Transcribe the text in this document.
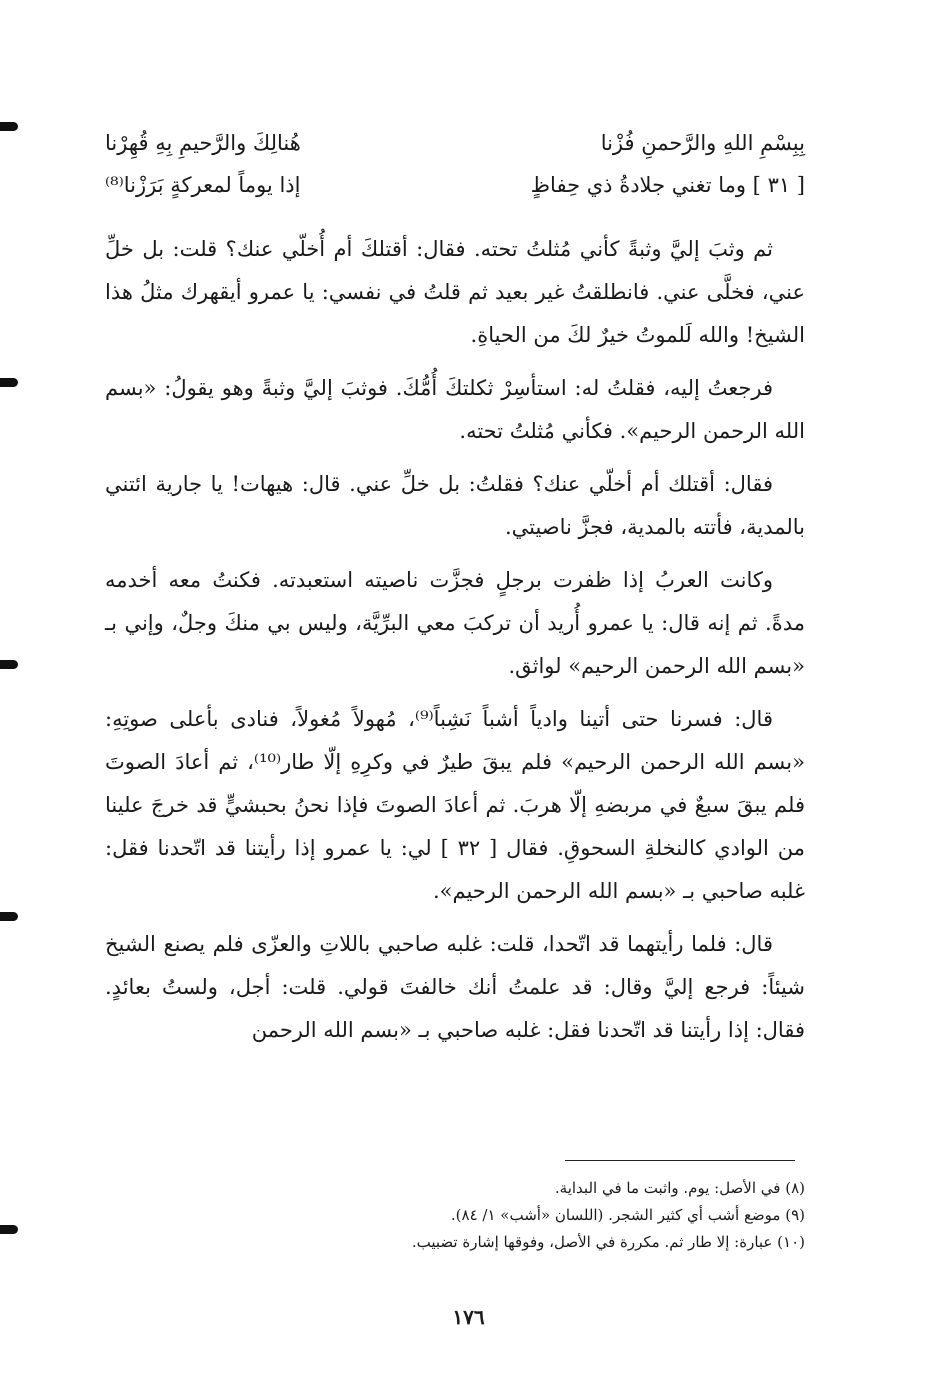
بِبِسْمِ اللهِ والرَّحمنِ فُزْنا
هُنالِكَ والرَّحيمِ بِهِ قُهِرْنا
[ ٣١ ] وما تغني جلادةُ ذي حِفاظٍ
إذا يوماً لمعركةٍ بَرَزْنا⁽⁸⁾

ثم وثبَ إليَّ وثبةً كأني مُثلتُ تحته. فقال: أقتلكَ أم أُخلّي عنك؟ قلت: بل خلِّ عني، فخلَّى عني. فانطلقتُ غير بعيد ثم قلتُ في نفسي: يا عمرو أيقهرك مثلُ هذا الشيخ! والله لَلموتُ خيرٌ لكَ من الحياةِ.

فرجعتُ إليه، فقلتُ له: استأسِرْ ثكلتكَ أُمُّكَ. فوثبَ إليَّ وثبةً وهو يقولُ: «بسم الله الرحمن الرحيم». فكأني مُثلتُ تحته.

فقال: أقتلك أم أخلّي عنك؟ فقلتُ: بل خلِّ عني. قال: هيهات! يا جارية ائتني بالمدية، فأتته بالمدية، فجزَّ ناصيتي.

وكانت العربُ إذا ظفرت برجلٍ فجزَّت ناصيته استعبدته. فكنتُ معه أخدمه مدةً. ثم إنه قال: يا عمرو أُريد أن تركبَ معي البرِّيَّة، وليس بي منكَ وجلٌ، وإني بـ «بسم الله الرحمن الرحيم» لواثق.

قال: فسرنا حتى أتينا وادياً أشباً نَشِباً⁽⁹⁾، مُهولاً مُغولاً، فنادى بأعلى صوتِهِ: «بسم الله الرحمن الرحيم» فلم يبقَ طيرٌ في وكرِهِ إلّا طار⁽¹⁰⁾، ثم أعادَ الصوتَ فلم يبقَ سبعٌ في مربضهِ إلّا هربَ. ثم أعادَ الصوتَ فإذا نحنُ بحبشيٍّ قد خرجَ علينا من الوادي كالنخلةِ السحوقِ. فقال [ ٣٢ ] لي: يا عمرو إذا رأيتنا قد اتّحدنا فقل: غلبه صاحبي بـ «بسم الله الرحمن الرحيم».

قال: فلما رأيتهما قد اتّحدا، قلت: غلبه صاحبي باللاتِ والعزّى فلم يصنع الشيخ شيئاً: فرجع إليَّ وقال: قد علمتُ أنك خالفتَ قولي. قلت: أجل، ولستُ بعائدٍ. فقال: إذا رأيتنا قد اتّحدنا فقل: غلبه صاحبي بـ «بسم الله الرحمن

(٨) في الأصل: يوم. واثبت ما في البداية.
(٩) موضع أشب أي كثير الشجر. (اللسان «أشب» ١/ ٨٤).
(١٠) عبارة: إلا طار ثم. مكررة في الأصل، وفوقها إشارة تضبيب.
١٧٦
